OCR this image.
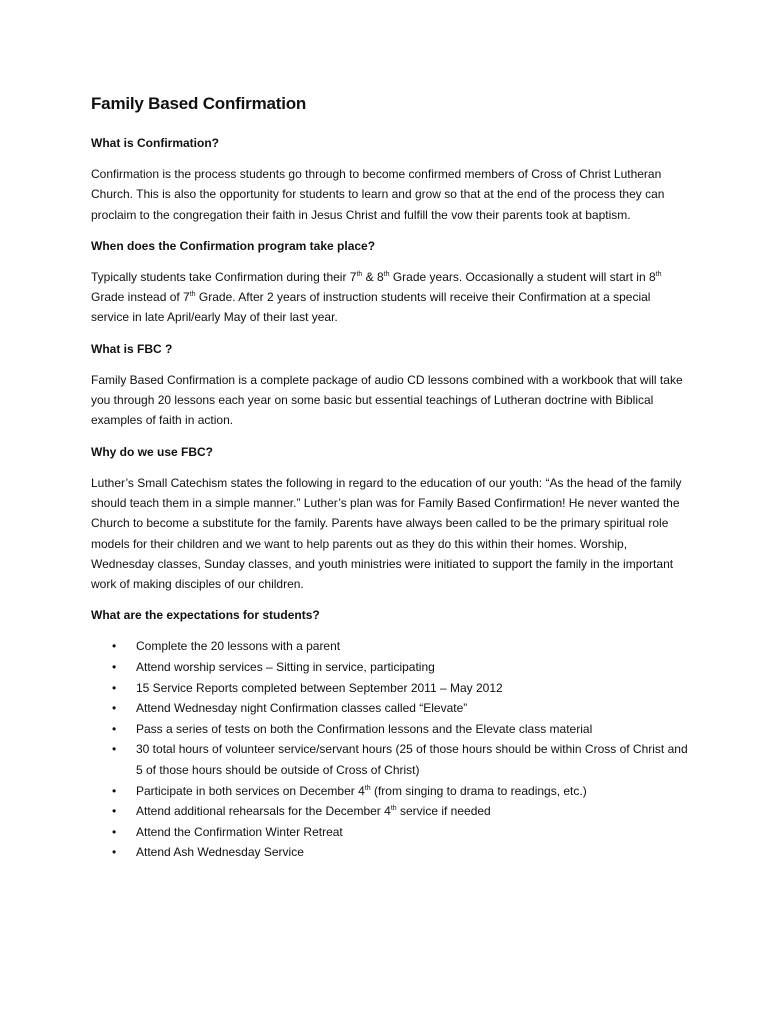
Family Based Confirmation
What is Confirmation?

Confirmation is the process students go through to become confirmed members of Cross of Christ Lutheran Church. This is also the opportunity for students to learn and grow so that at the end of the process they can proclaim to the congregation their faith in Jesus Christ and fulfill the vow their parents took at baptism.

When does the Confirmation program take place?

Typically students take Confirmation during their 7th & 8th Grade years. Occasionally a student will start in 8th Grade instead of 7th Grade. After 2 years of instruction students will receive their Confirmation at a special service in late April/early May of their last year.

What is FBC ?

Family Based Confirmation is a complete package of audio CD lessons combined with a workbook that will take you through 20 lessons each year on some basic but essential teachings of Lutheran doctrine with Biblical examples of faith in action.

Why do we use FBC?

Luther’s Small Catechism states the following in regard to the education of our youth: “As the head of the family should teach them in a simple manner.” Luther’s plan was for Family Based Confirmation! He never wanted the Church to become a substitute for the family. Parents have always been called to be the primary spiritual role models for their children and we want to help parents out as they do this within their homes. Worship, Wednesday classes, Sunday classes, and youth ministries were initiated to support the family in the important work of making disciples of our children.

What are the expectations for students?
• Complete the 20 lessons with a parent
• Attend worship services – Sitting in service, participating
• 15 Service Reports completed between September 2011 – May 2012
• Attend Wednesday night Confirmation classes called “Elevate”
• Pass a series of tests on both the Confirmation lessons and the Elevate class material
• 30 total hours of volunteer service/servant hours (25 of those hours should be within Cross of Christ and 5 of those hours should be outside of Cross of Christ)
• Participate in both services on December 4th (from singing to drama to readings, etc.)
• Attend additional rehearsals for the December 4th service if needed
• Attend the Confirmation Winter Retreat
• Attend Ash Wednesday Service
